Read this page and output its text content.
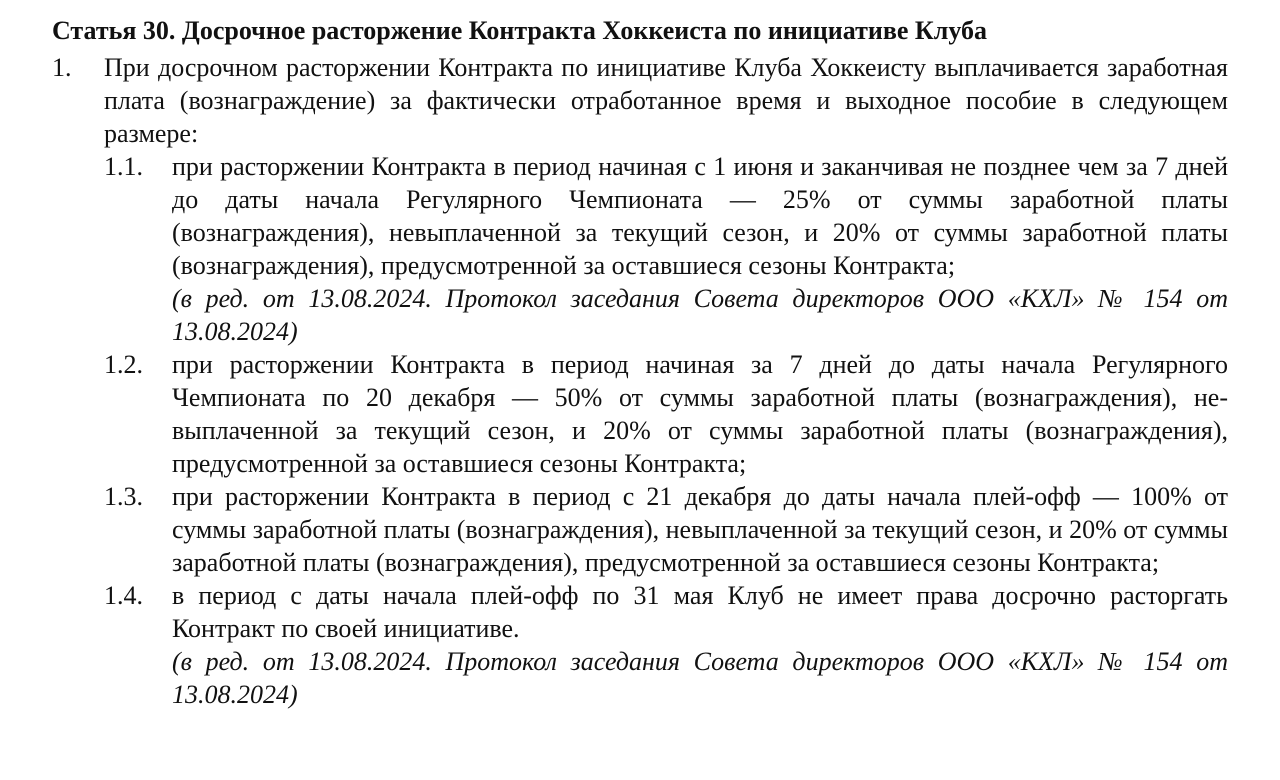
Статья 30. Досрочное расторжение Контракта Хоккеиста по инициативе Клуба
1. При досрочном расторжении Контракта по инициативе Клуба Хоккеисту выплачивается заработная плата (вознаграждение) за фактически отработанное время и выходное пособие в следующем размере:
1.1. при расторжении Контракта в период начиная с 1 июня и заканчивая не позднее чем за 7 дней до даты начала Регулярного Чемпионата — 25% от суммы заработной платы (вознаграждения), невыплаченной за текущий сезон, и 20% от суммы заработной платы (вознаграждения), предусмотренной за оставшиеся сезоны Контракта;
(в ред. от 13.08.2024. Протокол заседания Совета директоров ООО «КХЛ» № 154 от 13.08.2024)
1.2. при расторжении Контракта в период начиная за 7 дней до даты начала Регулярного Чемпионата по 20 декабря — 50% от суммы заработной платы (вознаграждения), невыплаченной за текущий сезон, и 20% от суммы заработной платы (вознаграждения), предусмотренной за оставшиеся сезоны Контракта;
1.3. при расторжении Контракта в период с 21 декабря до даты начала плей-офф — 100% от суммы заработной платы (вознаграждения), невыплаченной за текущий сезон, и 20% от суммы заработной платы (вознаграждения), предусмотренной за оставшиеся сезоны Контракта;
1.4. в период с даты начала плей-офф по 31 мая Клуб не имеет права досрочно расторгать Контракт по своей инициативе.
(в ред. от 13.08.2024. Протокол заседания Совета директоров ООО «КХЛ» № 154 от 13.08.2024)
